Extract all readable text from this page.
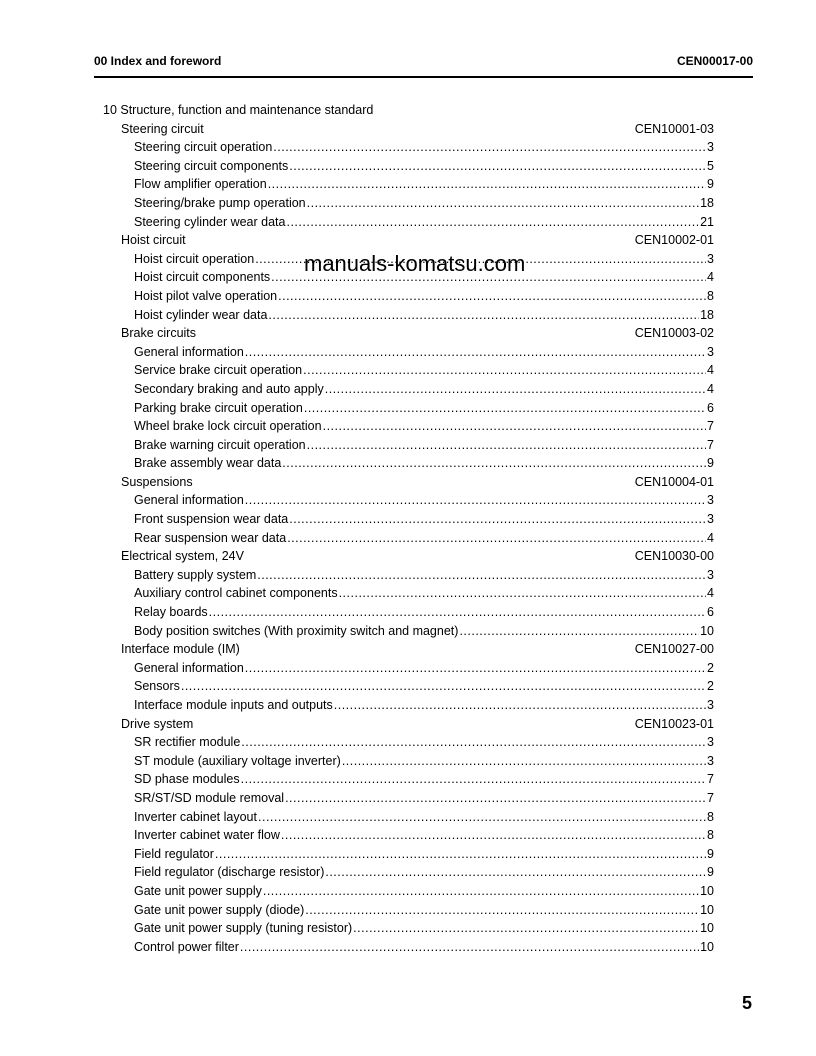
00 Index and foreword	CEN00017-00
10 Structure, function and maintenance standard
Steering circuit	CEN10001-03
Steering circuit operation .....	3
Steering circuit components .....	5
Flow amplifier operation .....	9
Steering/brake pump operation .....	18
Steering cylinder wear data .....	21
Hoist circuit	CEN10002-01
Hoist circuit operation .....	3
Hoist circuit components .....	4
Hoist pilot valve operation .....	8
Hoist cylinder wear data .....	18
Brake circuits	CEN10003-02
General information .....	3
Service brake circuit operation .....	4
Secondary braking and auto apply .....	4
Parking brake circuit operation .....	6
Wheel brake lock circuit operation .....	7
Brake warning circuit operation .....	7
Brake assembly wear data .....	9
Suspensions	CEN10004-01
General information .....	3
Front suspension wear data .....	3
Rear suspension wear data .....	4
Electrical system, 24V	CEN10030-00
Battery supply system .....	3
Auxiliary control cabinet components .....	4
Relay boards .....	6
Body position switches (With proximity switch and magnet) .....	10
Interface module (IM)	CEN10027-00
General information .....	2
Sensors .....	2
Interface module inputs and outputs .....	3
Drive system	CEN10023-01
SR rectifier module .....	3
ST module (auxiliary voltage inverter) .....	3
SD phase modules .....	7
SR/ST/SD module removal .....	7
Inverter cabinet layout .....	8
Inverter cabinet water flow .....	8
Field regulator .....	9
Field regulator (discharge resistor) .....	9
Gate unit power supply .....	10
Gate unit power supply (diode) .....	10
Gate unit power supply (tuning resistor) .....	10
Control power filter .....	10
manuals-komatsu.com
5
